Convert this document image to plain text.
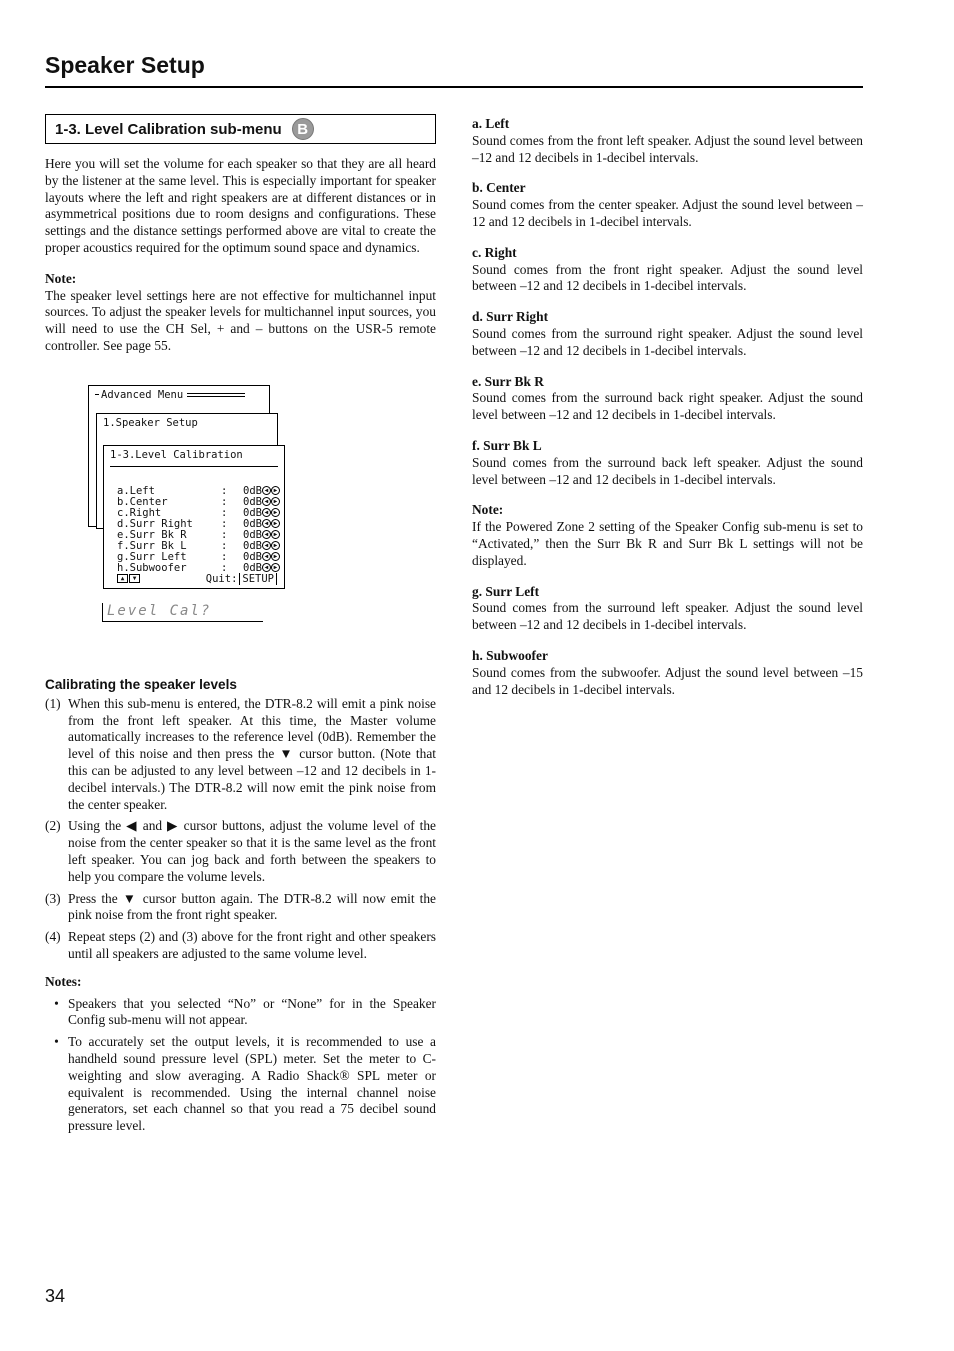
Speaker Setup
1-3. Level Calibration sub-menu	B

Here you will set the volume for each speaker so that they are all heard by the listener at the same level. This is especially important for speaker layouts where the left and right speakers are at different distances or in asymmetrical positions due to room designs and configurations. These settings and the distance settings performed above are vital to create the proper acoustics required for the optimum sound space and dynamics.

Note:

The speaker level settings here are not effective for multichannel input sources. To adjust the speaker levels for multichannel input sources, you will need to use the CH Sel, + and – buttons on the USR-5 remote controller. See page 55.

Advanced Menu
1.Speaker Setup
1-3.Level Calibration
a.Left	:	0dB ◀ ▶
b.Center	:	0dB ◀ ▶
c.Right	:	0dB ◀ ▶
d.Surr Right	:	0dB ◀ ▶
e.Surr Bk R	:	0dB ◀ ▶
f.Surr Bk L	:	0dB ◀ ▶
g.Surr Left	:	0dB ◀ ▶
h.Subwoofer	:	0dB ◀ ▶
▲	▼	Quit: SETUP
Level Cal?
Calibrating the speaker levels
(1) When this sub-menu is entered, the DTR-8.2 will emit a pink noise from the front left speaker. At this time, the Master volume automatically increases to the reference level (0dB). Remember the level of this noise and then press the ▼ cursor button. (Note that this can be adjusted to any level between –12 and 12 decibels in 1-decibel intervals.) The DTR-8.2 will now emit the pink noise from the center speaker.

(2) Using the ◀ and ▶ cursor buttons, adjust the volume level of the noise from the center speaker so that it is the same level as the front left speaker. You can jog back and forth between the speakers to help you compare the volume levels.

(3) Press the ▼ cursor button again. The DTR-8.2 will now emit the pink noise from the front right speaker.

(4) Repeat steps (2) and (3) above for the front right and other speakers until all speakers are adjusted to the same volume level.

Notes:
• Speakers that you selected “No” or “None” for in the Speaker Config sub-menu will not appear.

• To accurately set the output levels, it is recommended to use a handheld sound pressure level (SPL) meter. Set the meter to C-weighting and slow averaging. A Radio Shack® SPL meter or equivalent is recommended. Using the internal channel noise generators, set each channel so that you read a 75 decibel sound pressure level.

a. Left

Sound comes from the front left speaker. Adjust the sound level between –12 and 12 decibels in 1-decibel intervals.

b. Center

Sound comes from the center speaker. Adjust the sound level between –12 and 12 decibels in 1-decibel intervals.

c. Right

Sound comes from the front right speaker. Adjust the sound level between –12 and 12 decibels in 1-decibel intervals.

d. Surr Right

Sound comes from the surround right speaker. Adjust the sound level between –12 and 12 decibels in 1-decibel intervals.

e. Surr Bk R

Sound comes from the surround back right speaker. Adjust the sound level between –12 and 12 decibels in 1-decibel intervals.

f. Surr Bk L

Sound comes from the surround back left speaker. Adjust the sound level between –12 and 12 decibels in 1-decibel intervals.

Note:

If the Powered Zone 2 setting of the Speaker Config sub-menu is set to “Activated,” then the Surr Bk R and Surr Bk L settings will not be displayed.

g. Surr Left

Sound comes from the surround left speaker. Adjust the sound level between –12 and 12 decibels in 1-decibel intervals.

h. Subwoofer

Sound comes from the subwoofer. Adjust the sound level between –15 and 12 decibels in 1-decibel intervals.

34
